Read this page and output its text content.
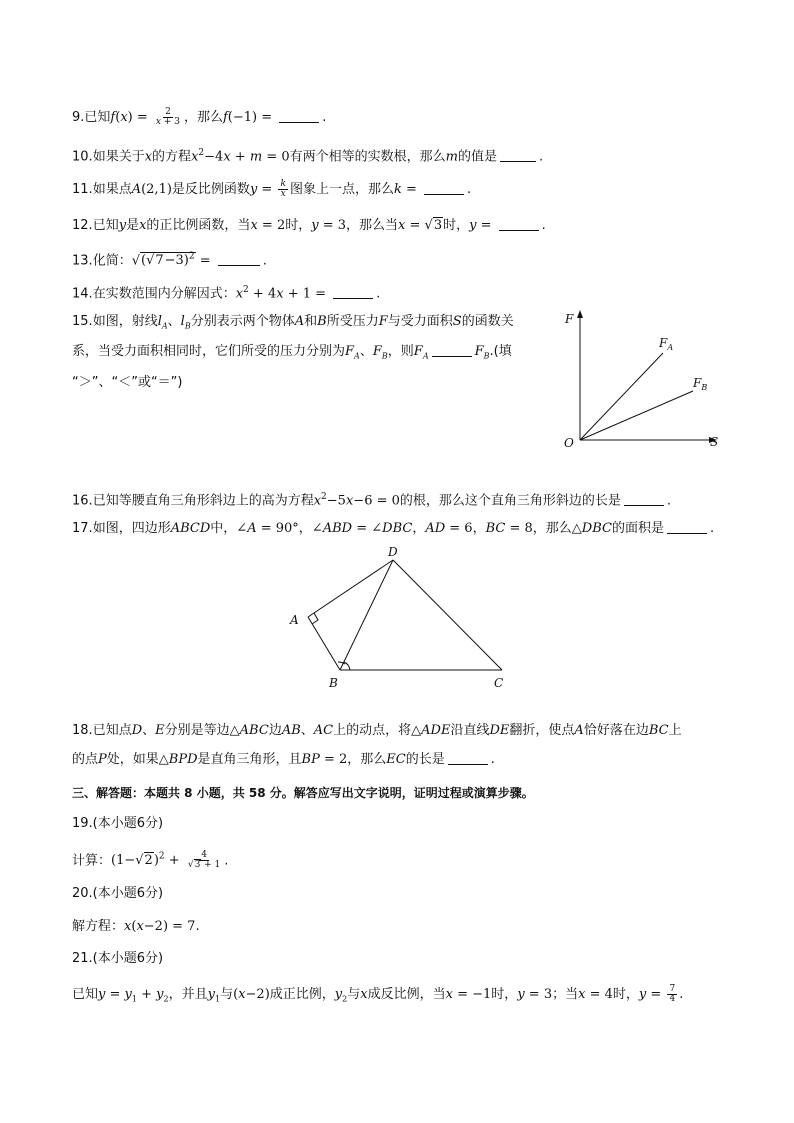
9.已知$f(x) = \frac{2}{x + 3}$ ，那么f(−1) =	.
10.如果关于x的方程$x^2-4x + m = 0$有两个相等的实数根，那么m的值是	.
11.如果点A(2,1)是反比例函数$y = \frac{k}{x}$ 图象上一点，那么k =	.
12.已知y是x的正比例函数，当x = 2时，y = 3，那么当x = √3时，y =	.
13.化简：$√(√7-3)^2$ =	.
14.在实数范围内分解因式：$x^2 + 4x + 1$ =	.
15.如图，射线$l_A$、$l_B$分别表示两个物体A和B所受压力F与受力面积S的函数关
系，当受力面积相同时，它们所受的压力分别为$F_A$、$F_B$，则$F_A$	$F_B$.(填
“＞”、“＜”或“＝”)
F
$F_A$
$F_B$
O	S
16.已知等腰直角三角形斜边上的高为方程$x^2-5x-6 = 0$的根，那么这个直角三角形斜边的长是	.
17.如图，四边形ABCD中，∠A = 90°，∠ABD = ∠DBC，AD = 6，BC = 8，那么△DBC的面积是	.
D
A
B	C
18.已知点D、E分别是等边△ABC边AB、AC上的动点，将△ADE沿直线DE翻折，使点A恰好落在边BC上
的点P处，如果△BPD是直角三角形，且BP = 2，那么EC的长是	.
三、解答题：本题共 8 小题，共 58 分。解答应写出文字说明，证明过程或演算步骤。
19.(本小题6分)
计算：$(1-√2)^2 + \frac{4}{√3 + 1}$ .
20.(本小题6分)
解方程：x(x−2) = 7.
21.(本小题6分)
已知$y = y_1 + y_2$，并且$y_1$与(x−2)成正比例，$y_2$与x成反比例，当x = −1时，y = 3；当x = 4时，$y = \frac{7}{4}$ .
